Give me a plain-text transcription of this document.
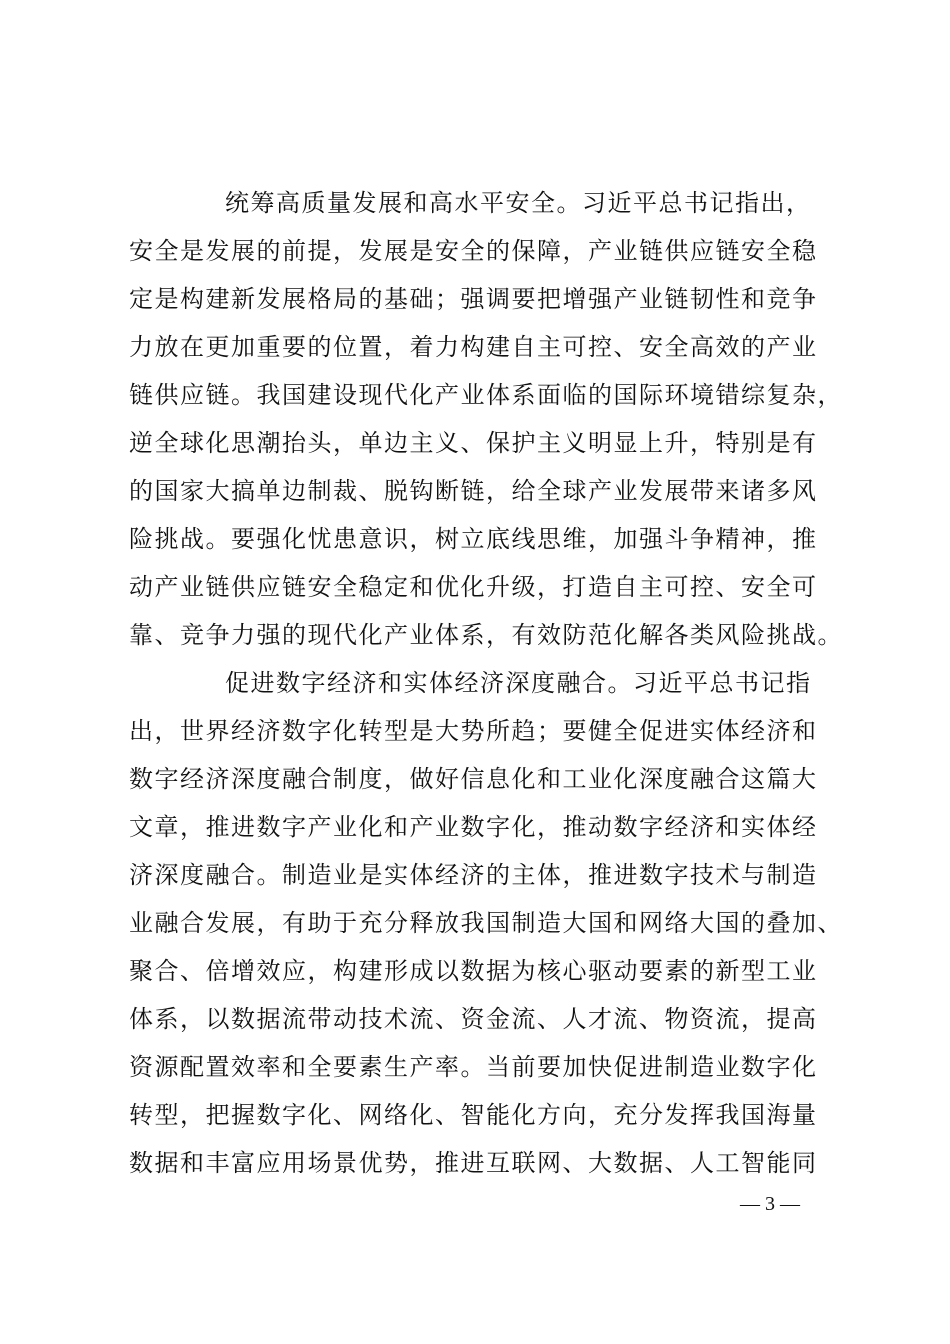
统筹高质量发展和高水平安全。习近平总书记指出，
安全是发展的前提，发展是安全的保障，产业链供应链安全稳
定是构建新发展格局的基础；强调要把增强产业链韧性和竞争
力放在更加重要的位置，着力构建自主可控、安全高效的产业
链供应链。我国建设现代化产业体系面临的国际环境错综复杂，
逆全球化思潮抬头，单边主义、保护主义明显上升，特别是有
的国家大搞单边制裁、脱钩断链，给全球产业发展带来诸多风
险挑战。要强化忧患意识，树立底线思维，加强斗争精神，推
动产业链供应链安全稳定和优化升级，打造自主可控、安全可
靠、竞争力强的现代化产业体系，有效防范化解各类风险挑战。
促进数字经济和实体经济深度融合。习近平总书记指
出，世界经济数字化转型是大势所趋；要健全促进实体经济和
数字经济深度融合制度，做好信息化和工业化深度融合这篇大
文章，推进数字产业化和产业数字化，推动数字经济和实体经
济深度融合。制造业是实体经济的主体，推进数字技术与制造
业融合发展，有助于充分释放我国制造大国和网络大国的叠加、
聚合、倍增效应，构建形成以数据为核心驱动要素的新型工业
体系，以数据流带动技术流、资金流、人才流、物资流，提高
资源配置效率和全要素生产率。当前要加快促进制造业数字化
转型，把握数字化、网络化、智能化方向，充分发挥我国海量
数据和丰富应用场景优势，推进互联网、大数据、人工智能同
— 3 —
